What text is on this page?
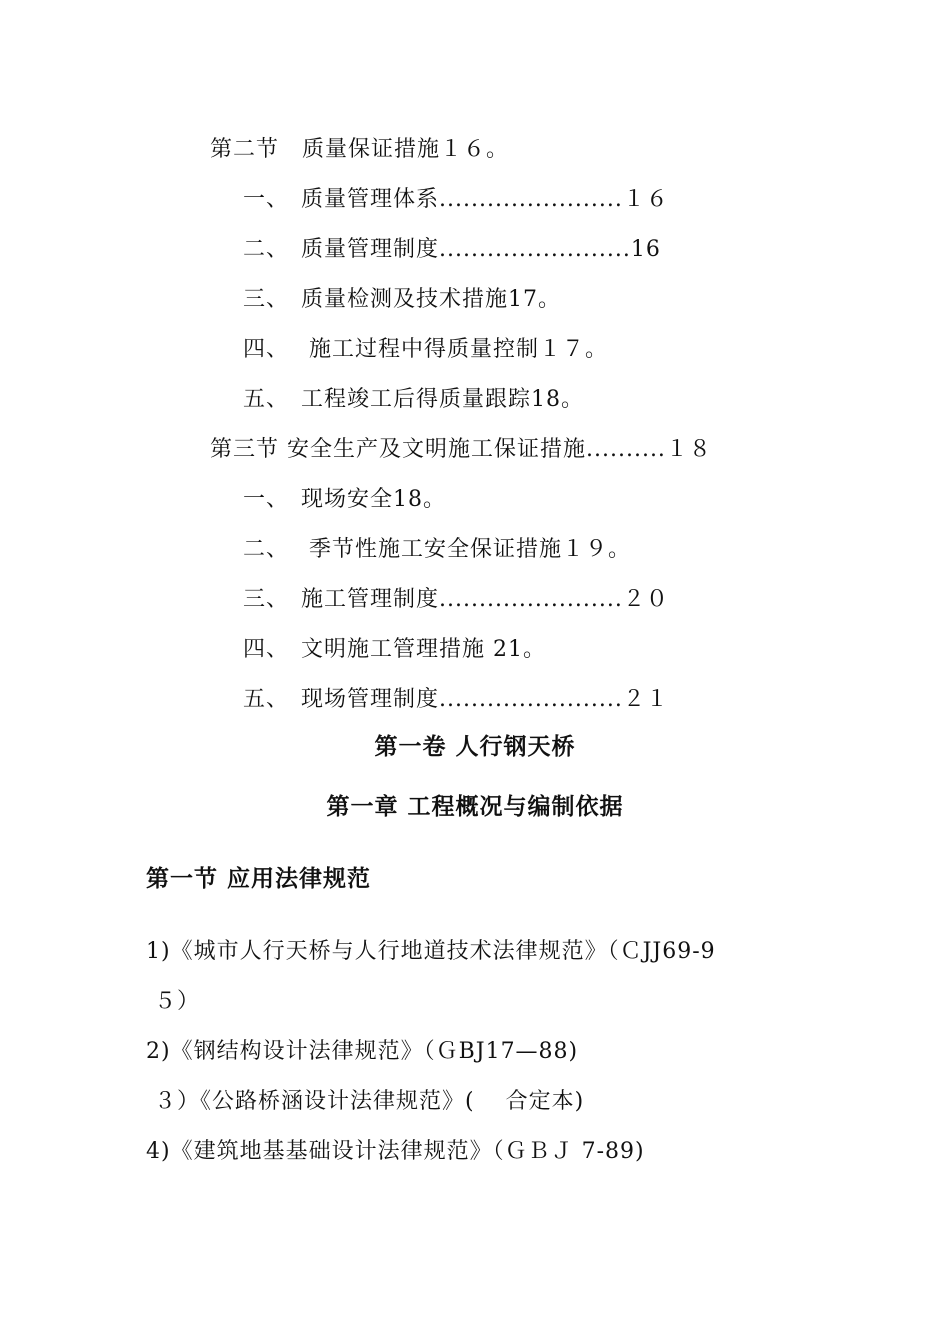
第二节　质量保证措施１６。
一、　质量管理体系.......................１６
二、　质量管理制度........................16
三、　质量检测及技术措施17。
四、　 施工过程中得质量控制１７。
五、　工程竣工后得质量跟踪18。
第三节 安全生产及文明施工保证措施..........１８
一、　现场安全18。
二、　 季节性施工安全保证措施１９。
三、　施工管理制度.......................２０
四、　文明施工管理措施 21。
五、　现场管理制度.......................２１
第一卷 人行钢天桥
第一章 工程概况与编制依据
第一节 应用法律规范
1)《城市人行天桥与人行地道技术法律规范》（ＣJJ69-9
５）
2)《钢结构设计法律规范》（ＧBJ17—88)
３）《公路桥涵设计法律规范》(　 合定本)
4)《建筑地基基础设计法律规范》（ＧＢＪ 7-89)
